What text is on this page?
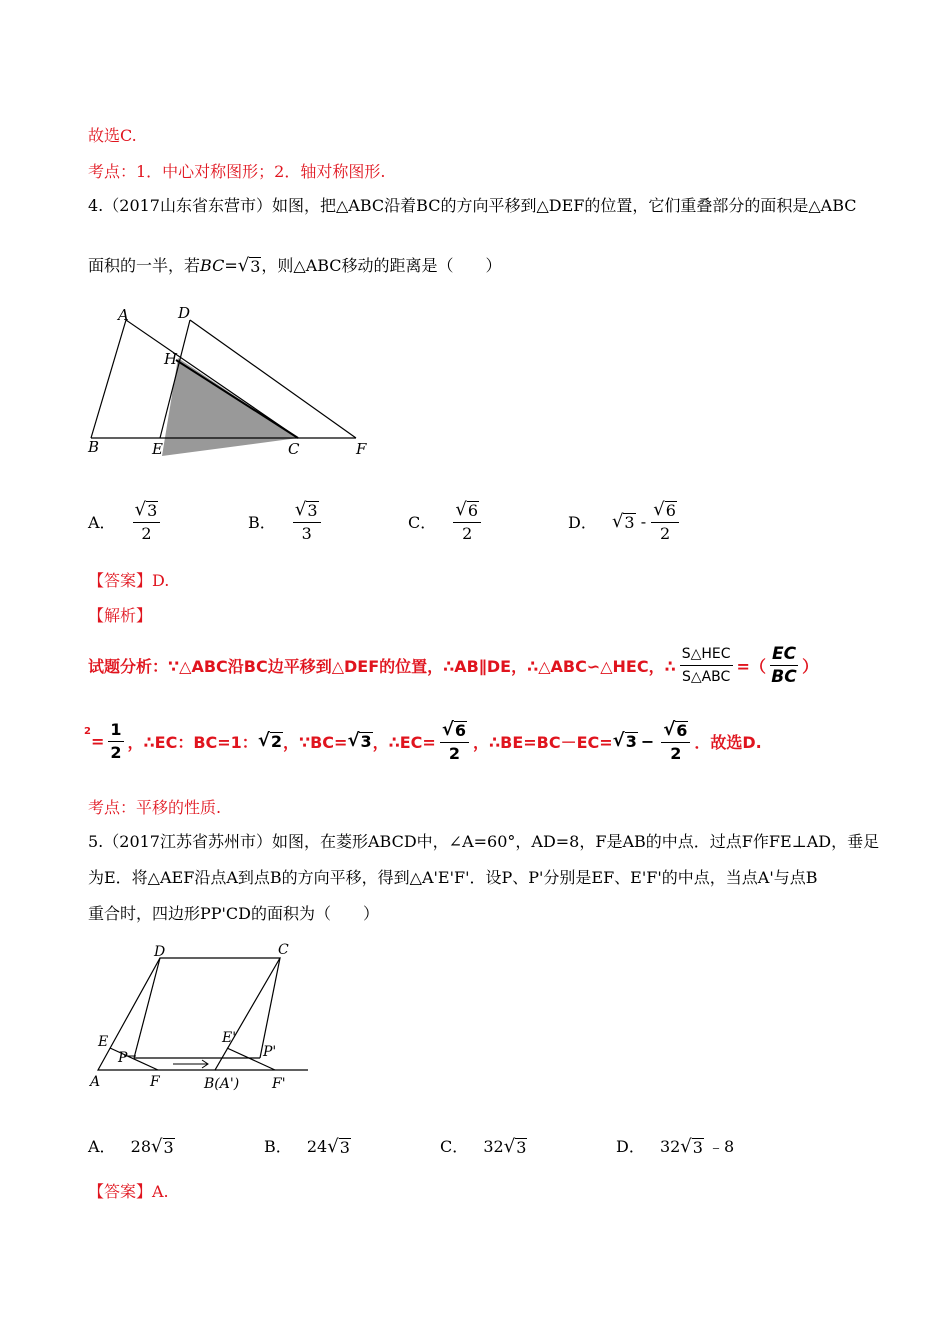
故选C.
考点：1．中心对称图形；2．轴对称图形.
4.（2017山东省东营市）如图，把△ABC沿着BC的方向平移到△DEF的位置，它们重叠部分的面积是△ABC
面积的一半，若BC= √ 3 ，则△ABC移动的距离是（　　）
A	D
H
B	E	C	F
A． $\frac{√ 3}{2}$	B． $\frac{√ 3}{3}$	C． $\frac{√ 6}{2}$	D． √ $3 - \frac{√ 6}{2}$
【答案】D.
【解析】
试题分析：∵△ABC沿BC边平移到△DEF的位置，∴AB∥DE，∴△ABC∽△HEC，∴ $\frac{\text{S△HEC}}{\text{S△ABC}}$ =（ $\frac{EC}{BC}$ ）
$2 = \frac{1}{2}$ ，∴EC：BC=1： √ 2 ，∵BC= √ 3 ，∴EC= $\frac{√ 6}{2}$ ，∴BE=BC－EC= √ $3 - \frac{√ 6}{2}$ ．故选D.
考点：平移的性质.
5.（2017江苏省苏州市）如图，在菱形ABCD中，∠A=60°，AD=8，F是AB的中点．过点F作FE⊥AD，垂足
为E．将△AEF沿点A到点B的方向平移，得到△A'E'F'．设P、P'分别是EF、E'F'的中点，当点A'与点B
重合时，四边形PP'CD的面积为（　　）
D	C
E	E'
P	P'
A	F	B(A') F'
A． 28 √ 3	B． 24 √ 3	C． 32 √ 3	D． 32 √ 3 ﹣8
【答案】A.
